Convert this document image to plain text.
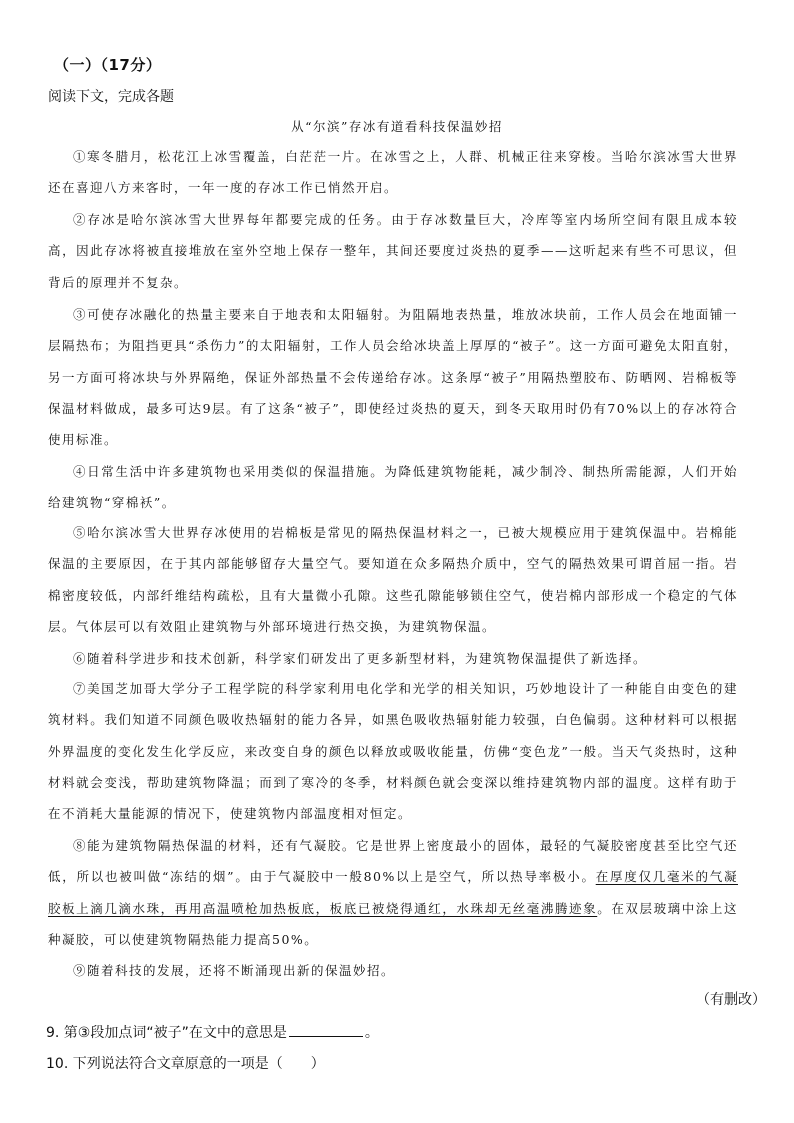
（一）（17分）
阅读下文，完成各题
从“尔滨”存冰有道看科技保温妙招

①寒冬腊月，松花江上冰雪覆盖，白茫茫一片。在冰雪之上，人群、机械正往来穿梭。当哈尔滨冰雪大世界还在喜迎八方来客时，一年一度的存冰工作已悄然开启。

②存冰是哈尔滨冰雪大世界每年都要完成的任务。由于存冰数量巨大，冷库等室内场所空间有限且成本较高，因此存冰将被直接堆放在室外空地上保存一整年，其间还要度过炎热的夏季——这听起来有些不可思议，但背后的原理并不复杂。

③可使存冰融化的热量主要来自于地表和太阳辐射。为阻隔地表热量，堆放冰块前，工作人员会在地面铺一层隔热布；为阻挡更具“杀伤力”的太阳辐射，工作人员会给冰块盖上厚厚的“被子”。这一方面可避免太阳直射，另一方面可将冰块与外界隔绝，保证外部热量不会传递给存冰。这条厚“被子”用隔热塑胶布、防晒网、岩棉板等保温材料做成，最多可达9层。有了这条“被子”，即使经过炎热的夏天，到冬天取用时仍有70%以上的存冰符合使用标准。

④日常生活中许多建筑物也采用类似的保温措施。为降低建筑物能耗，减少制冷、制热所需能源，人们开始给建筑物“穿棉袄”。

⑤哈尔滨冰雪大世界存冰使用的岩棉板是常见的隔热保温材料之一，已被大规模应用于建筑保温中。岩棉能保温的主要原因，在于其内部能够留存大量空气。要知道在众多隔热介质中，空气的隔热效果可谓首屈一指。岩棉密度较低，内部纤维结构疏松，且有大量微小孔隙。这些孔隙能够锁住空气，使岩棉内部形成一个稳定的气体层。气体层可以有效阻止建筑物与外部环境进行热交换，为建筑物保温。

⑥随着科学进步和技术创新，科学家们研发出了更多新型材料，为建筑物保温提供了新选择。

⑦美国芝加哥大学分子工程学院的科学家利用电化学和光学的相关知识，巧妙地设计了一种能自由变色的建筑材料。我们知道不同颜色吸收热辐射的能力各异，如黑色吸收热辐射能力较强，白色偏弱。这种材料可以根据外界温度的变化发生化学反应，来改变自身的颜色以释放或吸收能量，仿佛“变色龙”一般。当天气炎热时，这种材料就会变浅，帮助建筑物降温；而到了寒冷的冬季，材料颜色就会变深以维持建筑物内部的温度。这样有助于在不消耗大量能源的情况下，使建筑物内部温度相对恒定。

⑧能为建筑物隔热保温的材料，还有气凝胶。它是世界上密度最小的固体，最轻的气凝胶密度甚至比空气还低，所以也被叫做“冻结的烟”。由于气凝胶中一般80%以上是空气，所以热导率极小。在厚度仅几毫米的气凝胶板上滴几滴水珠，再用高温喷枪加热板底，板底已被烧得通红，水珠却无丝毫沸腾迹象。在双层玻璃中涂上这种凝胶，可以使建筑物隔热能力提高50%。

⑨随着科技的发展，还将不断涌现出新的保温妙招。

（有删改）
9. 第③段加点词“被子”在文中的意思是	。
10. 下列说法符合文章原意的一项是（　　）
